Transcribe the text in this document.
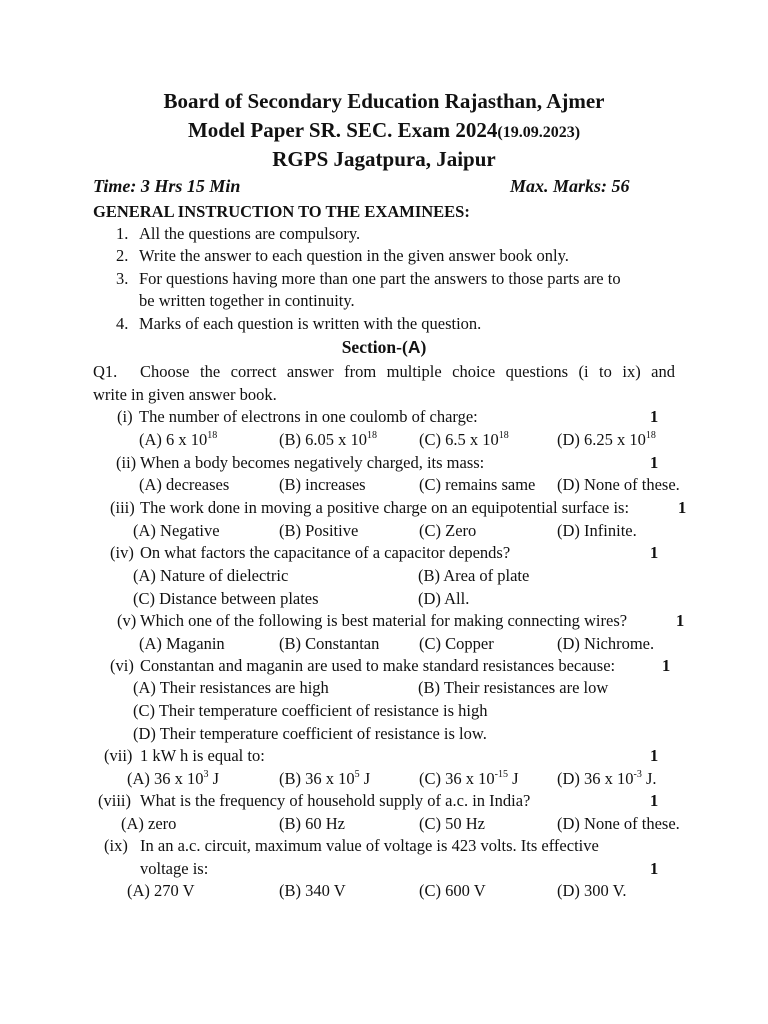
Board of Secondary Education Rajasthan, Ajmer
Model Paper SR. SEC. Exam 2024(19.09.2023)
RGPS Jagatpura, Jaipur
Time: 3 Hrs 15 Min	Max. Marks: 56
GENERAL INSTRUCTION TO THE EXAMINEES:
1. All the questions are compulsory.
2. Write the answer to each question in the given answer book only.
3. For questions having more than one part the answers to those parts are to
be written together in continuity.
4. Marks of each question is written with the question.
Section-(A)
Q1. Choose the correct answer from multiple choice questions (i to ix) and
write in given answer book.
(i) The number of electrons in one coulomb of charge:	1
(A) 6 x $10^{18}$	(B) 6.05 x $10^{18}$	(C) 6.5 x $10^{18}$	(D) 6.25 x $10^{18}$
(ii) When a body becomes negatively charged, its mass:	1
(A) decreases	(B) increases	(C) remains same (D) None of these.
(iii) The work done in moving a positive charge on an equipotential surface is:	1
(A) Negative	(B) Positive	(C) Zero	(D) Infinite.
(iv) On what factors the capacitance of a capacitor depends?	1
(A) Nature of dielectric	(B) Area of plate
(C) Distance between plates	(D) All.
(v) Which one of the following is best material for making connecting wires?	1
(A) Maganin	(B) Constantan (C) Copper	(D) Nichrome.
(vi) Constantan and maganin are used to make standard resistances because:	1
(A) Their resistances are high	(B) Their resistances are low
(C) Their temperature coefficient of resistance is high
(D) Their temperature coefficient of resistance is low.
(vii) 1 kW h is equal to:	1
(A) 36 x $10^3$ J	(B) 36 x $10^5$ J	(C) 36 x $10^{-15}$ J (D) 36 x $10^{-3}$ J.
(viii) What is the frequency of household supply of a.c. in India?	1
(A) zero	(B) 60 Hz	(C) 50 Hz	(D) None of these.
(ix) In an a.c. circuit, maximum value of voltage is 423 volts. Its effective
voltage is:	1
(A) 270 V	(B) 340 V	(C) 600 V	(D) 300 V.
